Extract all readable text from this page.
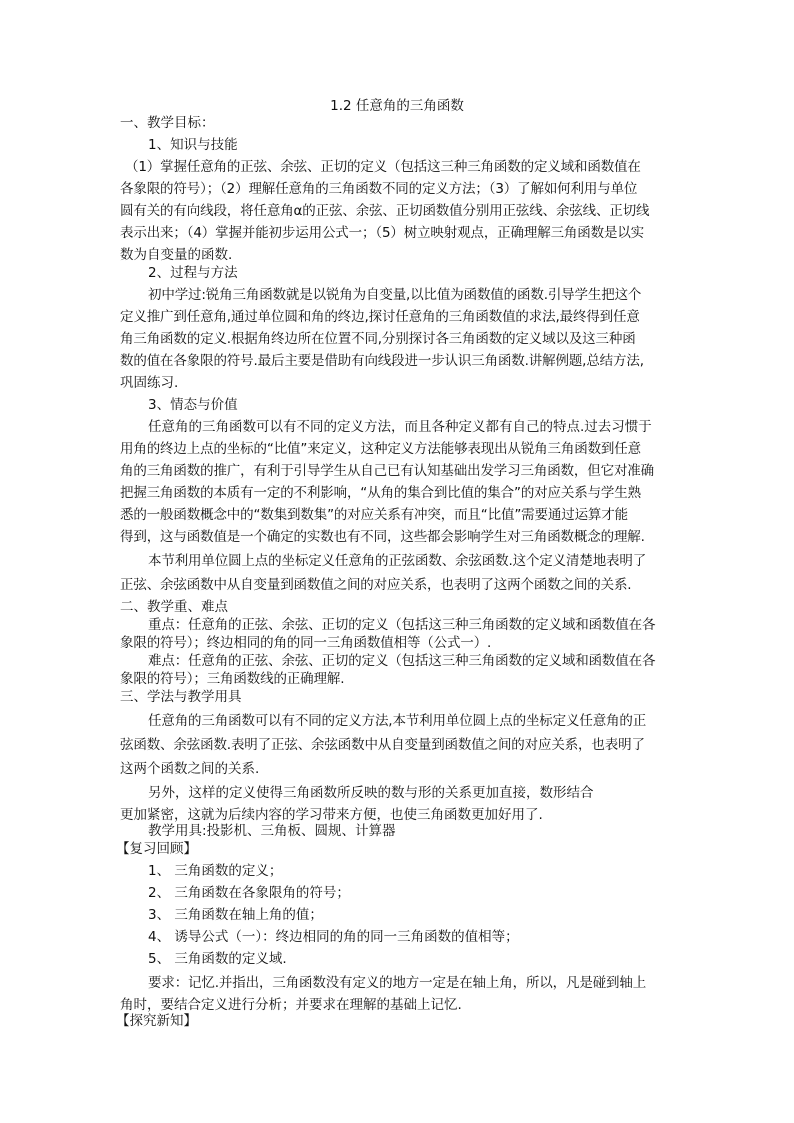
1.2 任意角的三角函数
一、教学目标：
1、知识与技能
（1）掌握任意角的正弦、余弦、正切的定义（包括这三种三角函数的定义域和函数值在
各象限的符号）；（2）理解任意角的三角函数不同的定义方法；（3）了解如何利用与单位
圆有关的有向线段，将任意角α的正弦、余弦、正切函数值分别用正弦线、余弦线、正切线
表示出来；（4）掌握并能初步运用公式一；（5）树立映射观点，正确理解三角函数是以实
数为自变量的函数.
2、过程与方法
初中学过:锐角三角函数就是以锐角为自变量,以比值为函数值的函数.引导学生把这个
定义推广到任意角,通过单位圆和角的终边,探讨任意角的三角函数值的求法,最终得到任意
角三角函数的定义.根据角终边所在位置不同,分别探讨各三角函数的定义域以及这三种函
数的值在各象限的符号.最后主要是借助有向线段进一步认识三角函数.讲解例题,总结方法,
巩固练习.
3、情态与价值
任意角的三角函数可以有不同的定义方法，而且各种定义都有自己的特点.过去习惯于
用角的终边上点的坐标的“比值”来定义，这种定义方法能够表现出从锐角三角函数到任意
角的三角函数的推广，有利于引导学生从自己已有认知基础出发学习三角函数，但它对准确
把握三角函数的本质有一定的不利影响，“从角的集合到比值的集合”的对应关系与学生熟
悉的一般函数概念中的“数集到数集”的对应关系有冲突，而且“比值”需要通过运算才能
得到，这与函数值是一个确定的实数也有不同，这些都会影响学生对三角函数概念的理解.
本节利用单位圆上点的坐标定义任意角的正弦函数、余弦函数.这个定义清楚地表明了
正弦、余弦函数中从自变量到函数值之间的对应关系，也表明了这两个函数之间的关系.
二、教学重、难点
重点：任意角的正弦、余弦、正切的定义（包括这三种三角函数的定义域和函数值在各
象限的符号）；终边相同的角的同一三角函数值相等（公式一）.
难点：任意角的正弦、余弦、正切的定义（包括这三种三角函数的定义域和函数值在各
象限的符号）；三角函数线的正确理解.
三、学法与教学用具
任意角的三角函数可以有不同的定义方法,本节利用单位圆上点的坐标定义任意角的正
弦函数、余弦函数.表明了正弦、余弦函数中从自变量到函数值之间的对应关系，也表明了
这两个函数之间的关系.
另外，这样的定义使得三角函数所反映的数与形的关系更加直接，数形结合
更加紧密，这就为后续内容的学习带来方便，也使三角函数更加好用了.
教学用具:投影机、三角板、圆规、计算器
【复习回顾】
1、 三角函数的定义；
2、 三角函数在各象限角的符号；
3、 三角函数在轴上角的值；
4、 诱导公式（一）：终边相同的角的同一三角函数的值相等；
5、 三角函数的定义域.
要求：记忆.并指出，三角函数没有定义的地方一定是在轴上角，所以，凡是碰到轴上
角时，要结合定义进行分析；并要求在理解的基础上记忆.
【探究新知】
